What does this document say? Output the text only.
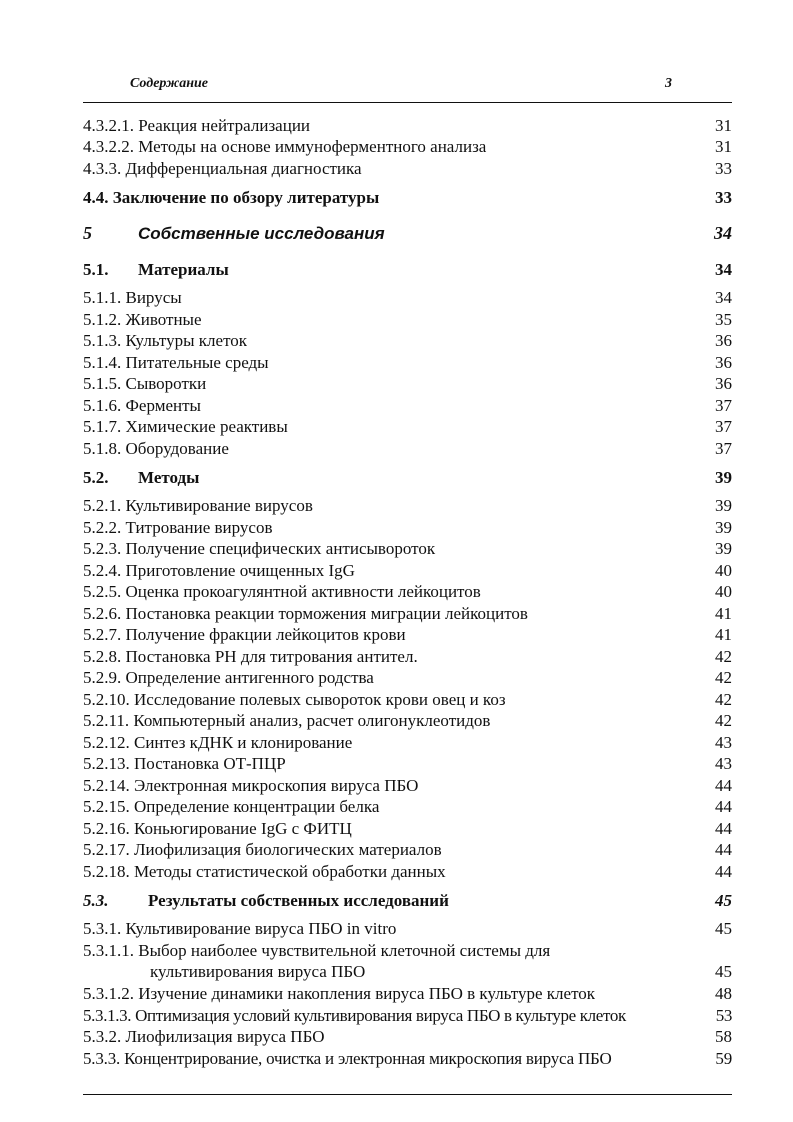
Содержание	3
4.3.2.1. Реакция нейтрализации	31
4.3.2.2. Методы на основе иммуноферментного анализа	31
4.3.3. Дифференциальная диагностика	33
4.4. Заключение по обзору литературы	33
5	Собственные исследования	34
5.1. Материалы	34
5.1.1. Вирусы	34
5.1.2. Животные	35
5.1.3. Культуры клеток	36
5.1.4. Питательные среды	36
5.1.5. Сыворотки	36
5.1.6. Ферменты	37
5.1.7. Химические реактивы	37
5.1.8. Оборудование	37
5.2. Методы	39
5.2.1. Культивирование вирусов	39
5.2.2. Титрование вирусов	39
5.2.3. Получение специфических антисывороток	39
5.2.4. Приготовление очищенных IgG	40
5.2.5. Оценка прокоагулянтной активности лейкоцитов	40
5.2.6. Постановка реакции торможения миграции лейкоцитов	41
5.2.7. Получение фракции лейкоцитов крови	41
5.2.8. Постановка РН для титрования антител.	42
5.2.9. Определение антигенного родства	42
5.2.10. Исследование полевых сывороток крови овец и коз	42
5.2.11. Компьютерный анализ, расчет олигонуклеотидов	42
5.2.12. Синтез кДНК и клонирование	43
5.2.13. Постановка ОТ-ПЦР	43
5.2.14. Электронная микроскопия вируса ПБО	44
5.2.15. Определение концентрации белка	44
5.2.16. Коньюгирование IgG с ФИТЦ	44
5.2.17. Лиофилизация биологических материалов	44
5.2.18. Методы статистической обработки данных	44
5.3. Результаты собственных исследований	45
5.3.1. Культивирование вируса ПБО in vitro	45
5.3.1.1. Выбор наиболее чувствительной клеточной системы для
культивирования вируса ПБО	45
5.3.1.2. Изучение динамики накопления вируса ПБО в культуре клеток	48
5.3.1.3. Оптимизация условий культивирования вируса ПБО в культуре клеток	53
5.3.2. Лиофилизация вируса ПБО	58
5.3.3. Концентрирование, очистка и электронная микроскопия вируса ПБО	59
